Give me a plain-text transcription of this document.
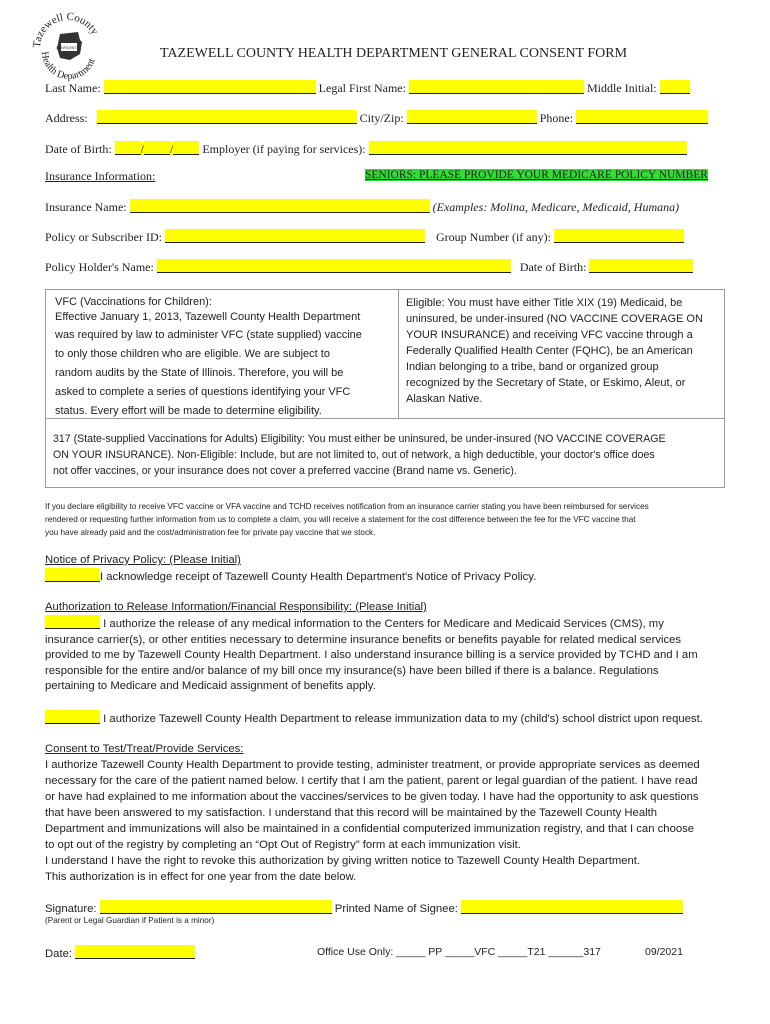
Tazewell County
Health Department
CONFIDENTIAL	TAZEWELL COUNTY HEALTH DEPARTMENT GENERAL CONSENT FORM
Last Name:	Legal First Name:	Middle Initial:
Address:	City/Zip:	Phone:
Date of Birth: / / Employer (if paying for services):
Insurance Information:	SENIORS: PLEASE PROVIDE YOUR MEDICARE POLICY NUMBER
Insurance Name:	(Examples: Molina, Medicare, Medicaid, Humana)
Policy or Subscriber ID:	Group Number (if any):
Policy Holder's Name:	Date of Birth:
VFC (Vaccinations for Children):
Effective January 1, 2013, Tazewell County Health Department
was required by law to administer VFC (state supplied) vaccine
to only those children who are eligible. We are subject to
random audits by the State of Illinois. Therefore, you will be
asked to complete a series of questions identifying your VFC
status. Every effort will be made to determine eligibility.
Eligible: You must have either Title XIX (19) Medicaid, be
uninsured, be under-insured (NO VACCINE COVERAGE ON
YOUR INSURANCE) and receiving VFC vaccine through a
Federally Qualified Health Center (FQHC), be an American
Indian belonging to a tribe, band or organized group
recognized by the Secretary of State, or Eskimo, Aleut, or
Alaskan Native.
317 (State-supplied Vaccinations for Adults) Eligibility: You must either be uninsured, be under-insured (NO VACCINE COVERAGE
ON YOUR INSURANCE). Non-Eligible: Include, but are not limited to, out of network, a high deductible, your doctor's office does
not offer vaccines, or your insurance does not cover a preferred vaccine (Brand name vs. Generic).
If you declare eligibility to receive VFC vaccine or VFA vaccine and TCHD receives notification from an insurance carrier stating you have been reimbursed for services
rendered or requesting further information from us to complete a claim, you will receive a statement for the cost difference between the fee for the VFC vaccine that
you have already paid and the cost/administration fee for private pay vaccine that we stock.
Notice of Privacy Policy: (Please Initial)
I acknowledge receipt of Tazewell County Health Department's Notice of Privacy Policy.
Authorization to Release Information/Financial Responsibility: (Please Initial)
I authorize the release of any medical information to the Centers for Medicare and Medicaid Services (CMS), my
insurance carrier(s), or other entities necessary to determine insurance benefits or benefits payable for related medical services
provided to me by Tazewell County Health Department. I also understand insurance billing is a service provided by TCHD and I am
responsible for the entire and/or balance of my bill once my insurance(s) have been billed if there is a balance. Regulations
pertaining to Medicare and Medicaid assignment of benefits apply.
I authorize Tazewell County Health Department to release immunization data to my (child's) school district upon request.
Consent to Test/Treat/Provide Services:
I authorize Tazewell County Health Department to provide testing, administer treatment, or provide appropriate services as deemed
necessary for the care of the patient named below. I certify that I am the patient, parent or legal guardian of the patient. I have read
or have had explained to me information about the vaccines/services to be given today. I have had the opportunity to ask questions
that have been answered to my satisfaction. I understand that this record will be maintained by the Tazewell County Health
Department and immunizations will also be maintained in a confidential computerized immunization registry, and that I can choose
to opt out of the registry by completing an “Opt Out of Registry” form at each immunization visit.
I understand I have the right to revoke this authorization by giving written notice to Tazewell County Health Department.
This authorization is in effect for one year from the date below.
Signature:	Printed Name of Signee:
(Parent or Legal Guardian if Patient is a minor)
Date:	Office Use Only: _____ PP _____VFC _____T21 ______317	09/2021
